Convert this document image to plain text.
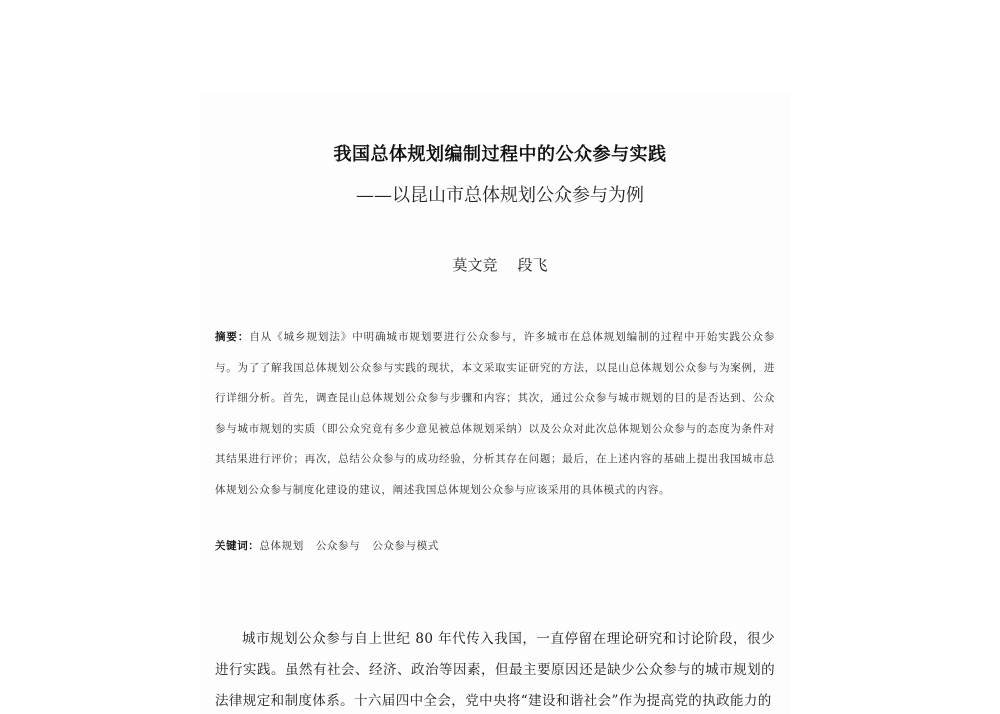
我国总体规划编制过程中的公众参与实践
——以昆山市总体规划公众参与为例
莫文竞 段飞
摘要：自从《城乡规划法》中明确城市规划要进行公众参与，许多城市在总体规划编制的过程中开始实践公众参与。为了了解我国总体规划公众参与实践的现状，本文采取实证研究的方法，以昆山总体规划公众参与为案例，进行详细分析。首先，调查昆山总体规划公众参与步骤和内容；其次，通过公众参与城市规划的目的是否达到、公众参与城市规划的实质（即公众究竟有多少意见被总体规划采纳）以及公众对此次总体规划公众参与的态度为条件对其结果进行评价；再次，总结公众参与的成功经验，分析其存在问题；最后，在上述内容的基础上提出我国城市总体规划公众参与制度化建设的建议，阐述我国总体规划公众参与应该采用的具体模式的内容。
关键词：总体规划 公众参与 公众参与模式
城市规划公众参与自上世纪 80 年代传入我国，一直停留在理论研究和讨论阶段，很少进行实践。虽然有社会、经济、政治等因素，但最主要原因还是缺少公众参与的城市规划的法律规定和制度体系。十六届四中全会，党中央将“建设和谐社会”作为提高党的执政能力的
